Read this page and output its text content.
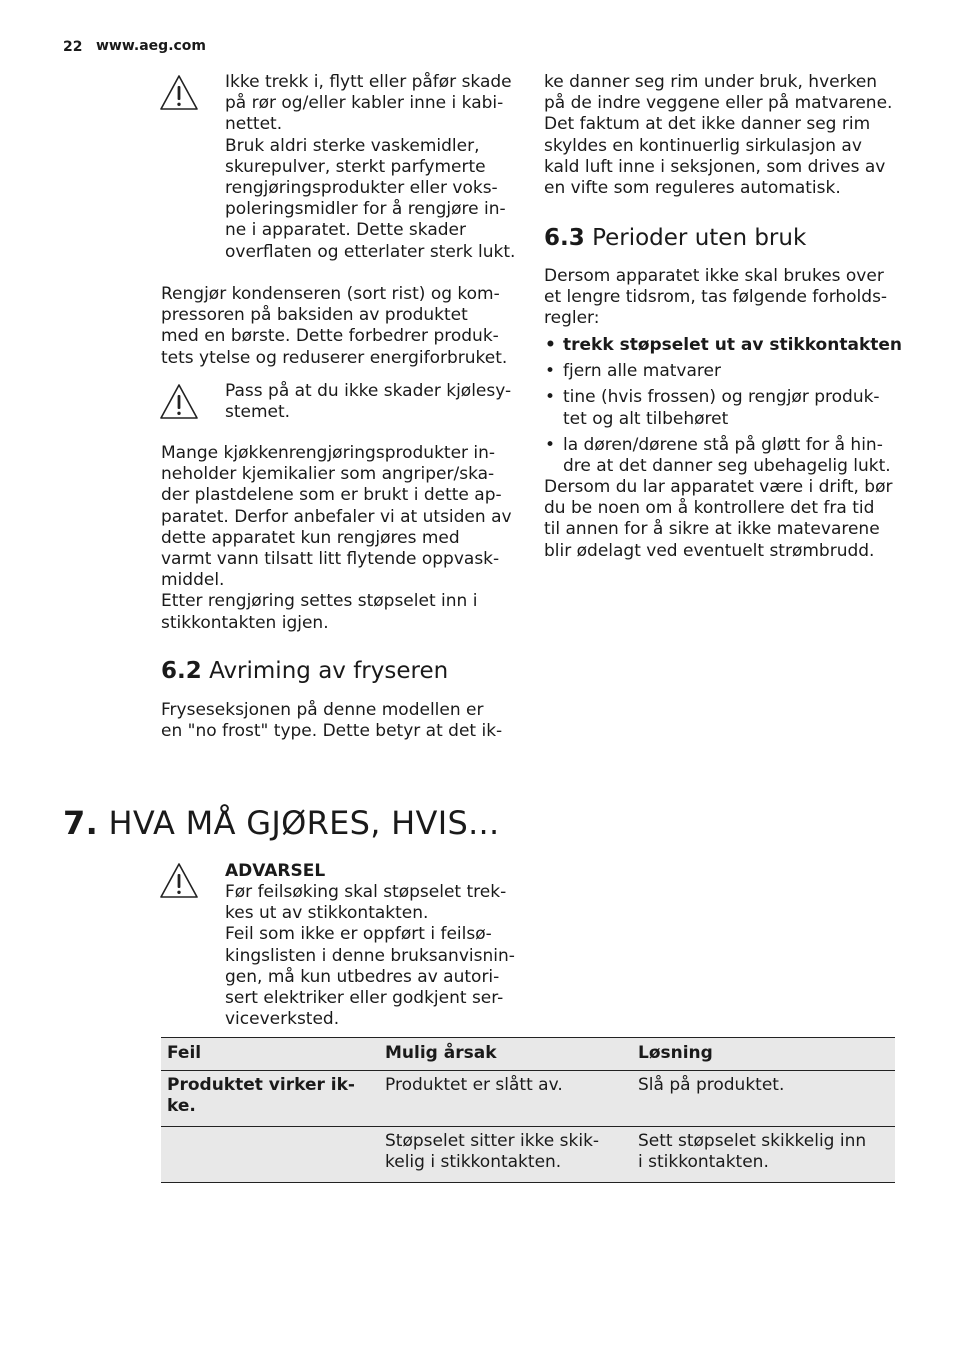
22 www.aeg.com
Ikke trekk i, flytt eller påfør skade
på rør og/eller kabler inne i kabi-
nettet.
Bruk aldri sterke vaskemidler,
skurepulver, sterkt parfymerte
rengjøringsprodukter eller voks-
poleringsmidler for å rengjøre in-
ne i apparatet. Dette skader
overflaten og etterlater sterk lukt.
Rengjør kondenseren (sort rist) og kom-
pressoren på baksiden av produktet
med en børste. Dette forbedrer produk-
tets ytelse og reduserer energiforbruket.
Pass på at du ikke skader kjølesy-
stemet.
Mange kjøkkenrengjøringsprodukter in-
neholder kjemikalier som angriper/ska-
der plastdelene som er brukt i dette ap-
paratet. Derfor anbefaler vi at utsiden av
dette apparatet kun rengjøres med
varmt vann tilsatt litt flytende oppvask-
middel.
Etter rengjøring settes støpselet inn i
stikkontakten igjen.
6.2 Avriming av fryseren
Fryseseksjonen på denne modellen er
en "no frost" type. Dette betyr at det ik-
ke danner seg rim under bruk, hverken
på de indre veggene eller på matvarene.
Det faktum at det ikke danner seg rim
skyldes en kontinuerlig sirkulasjon av
kald luft inne i seksjonen, som drives av
en vifte som reguleres automatisk.
6.3 Perioder uten bruk
Dersom apparatet ikke skal brukes over
et lengre tidsrom, tas følgende forholds-
regler:
• trekk støpselet ut av stikkontakten
• fjern alle matvarer
• tine (hvis frossen) og rengjør produk-
tet og alt tilbehøret
• la døren/dørene stå på gløtt for å hin-
dre at det danner seg ubehagelig lukt.
Dersom du lar apparatet være i drift, bør
du be noen om å kontrollere det fra tid
til annen for å sikre at ikke matevarene
blir ødelagt ved eventuelt strømbrudd.
7. HVA MÅ GJØRES, HVIS...
ADVARSEL
Før feilsøking skal støpselet trek-
kes ut av stikkontakten.
Feil som ikke er oppført i feilsø-
kingslisten i denne bruksanvisnin-
gen, må kun utbedres av autori-
sert elektriker eller godkjent ser-
viceverksted.
Feil	Mulig årsak	Løsning
Produktet virker ik-
ke.	Produktet er slått av.	Slå på produktet.
	Støpselet sitter ikke skik-
kelig i stikkontakten.	Sett støpselet skikkelig inn
i stikkontakten.
